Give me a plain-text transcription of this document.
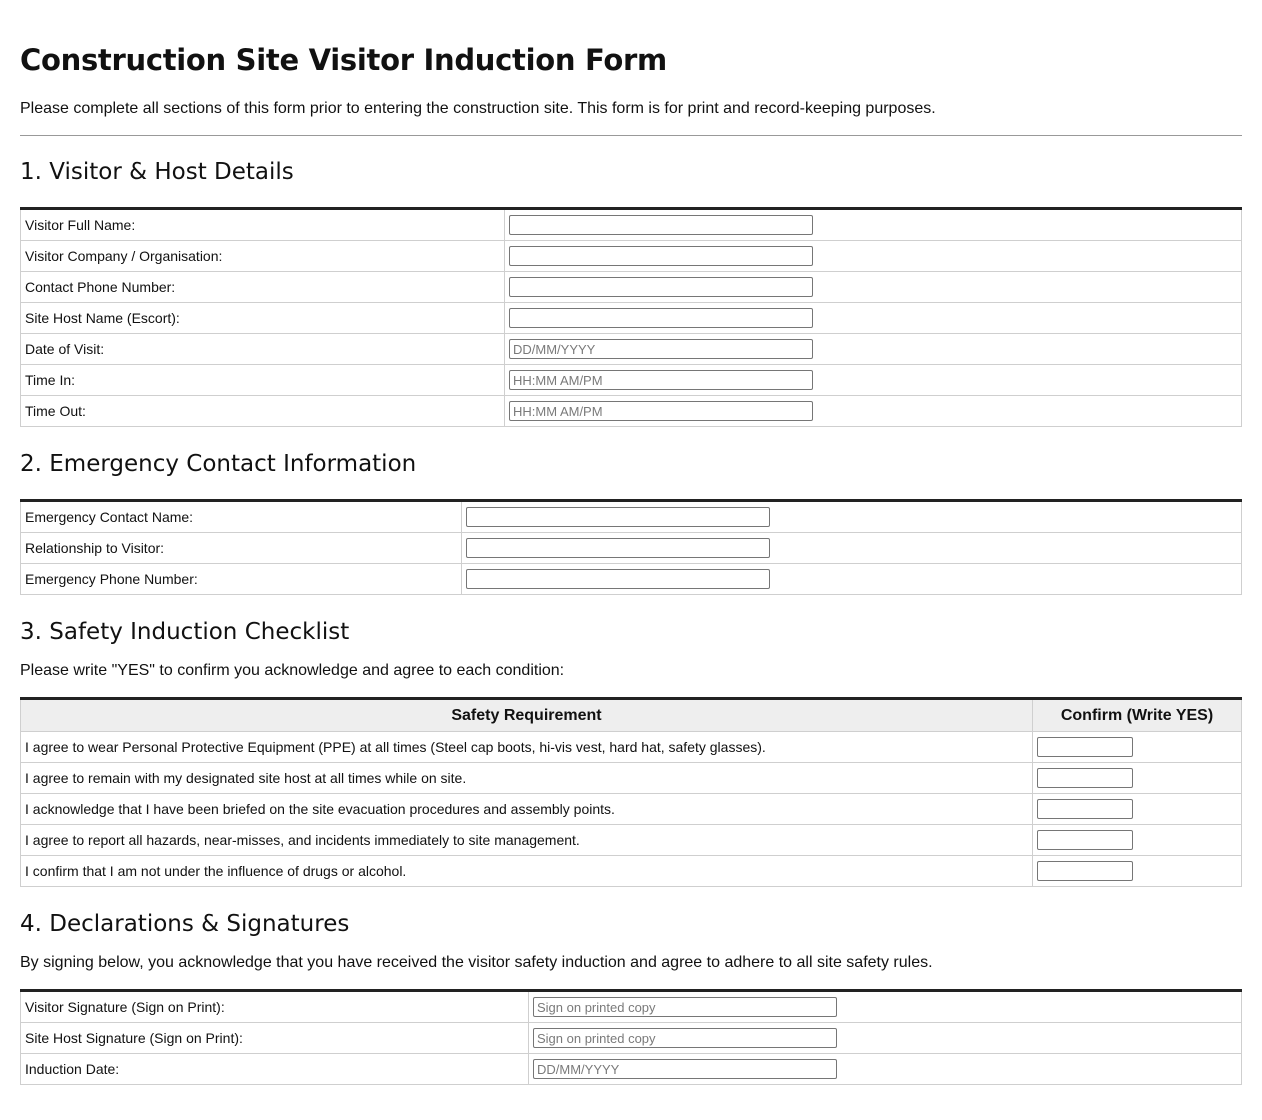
Construction Site Visitor Induction Form

Please complete all sections of this form prior to entering the construction site. This form is for print and record-keeping purposes.

1. Visitor & Host Details
Visitor Full Name:	

Visitor Company / Organisation:	

Contact Phone Number:	

Site Host Name (Escort):	

Date of Visit:	
DD/MM/YYYY
Time In:	
HH:MM AM/PM
Time Out:	
HH:MM AM/PM
2. Emergency Contact Information
Emergency Contact Name:	

Relationship to Visitor:	

Emergency Phone Number:	
3. Safety Induction Checklist

Please write "YES" to confirm you acknowledge and agree to each condition:

Safety Requirement	Confirm (Write YES)
I agree to wear Personal Protective Equipment (PPE) at all times (Steel cap boots, hi-vis vest, hard hat, safety glasses).	

I agree to remain with my designated site host at all times while on site.	

I acknowledge that I have been briefed on the site evacuation procedures and assembly points.	

I agree to report all hazards, near-misses, and incidents immediately to site management.	

I confirm that I am not under the influence of drugs or alcohol.	
4. Declarations & Signatures

By signing below, you acknowledge that you have received the visitor safety induction and agree to adhere to all site safety rules.

Visitor Signature (Sign on Print):	
Sign on printed copy
Site Host Signature (Sign on Print):	
Sign on printed copy
Induction Date:	
DD/MM/YYYY
